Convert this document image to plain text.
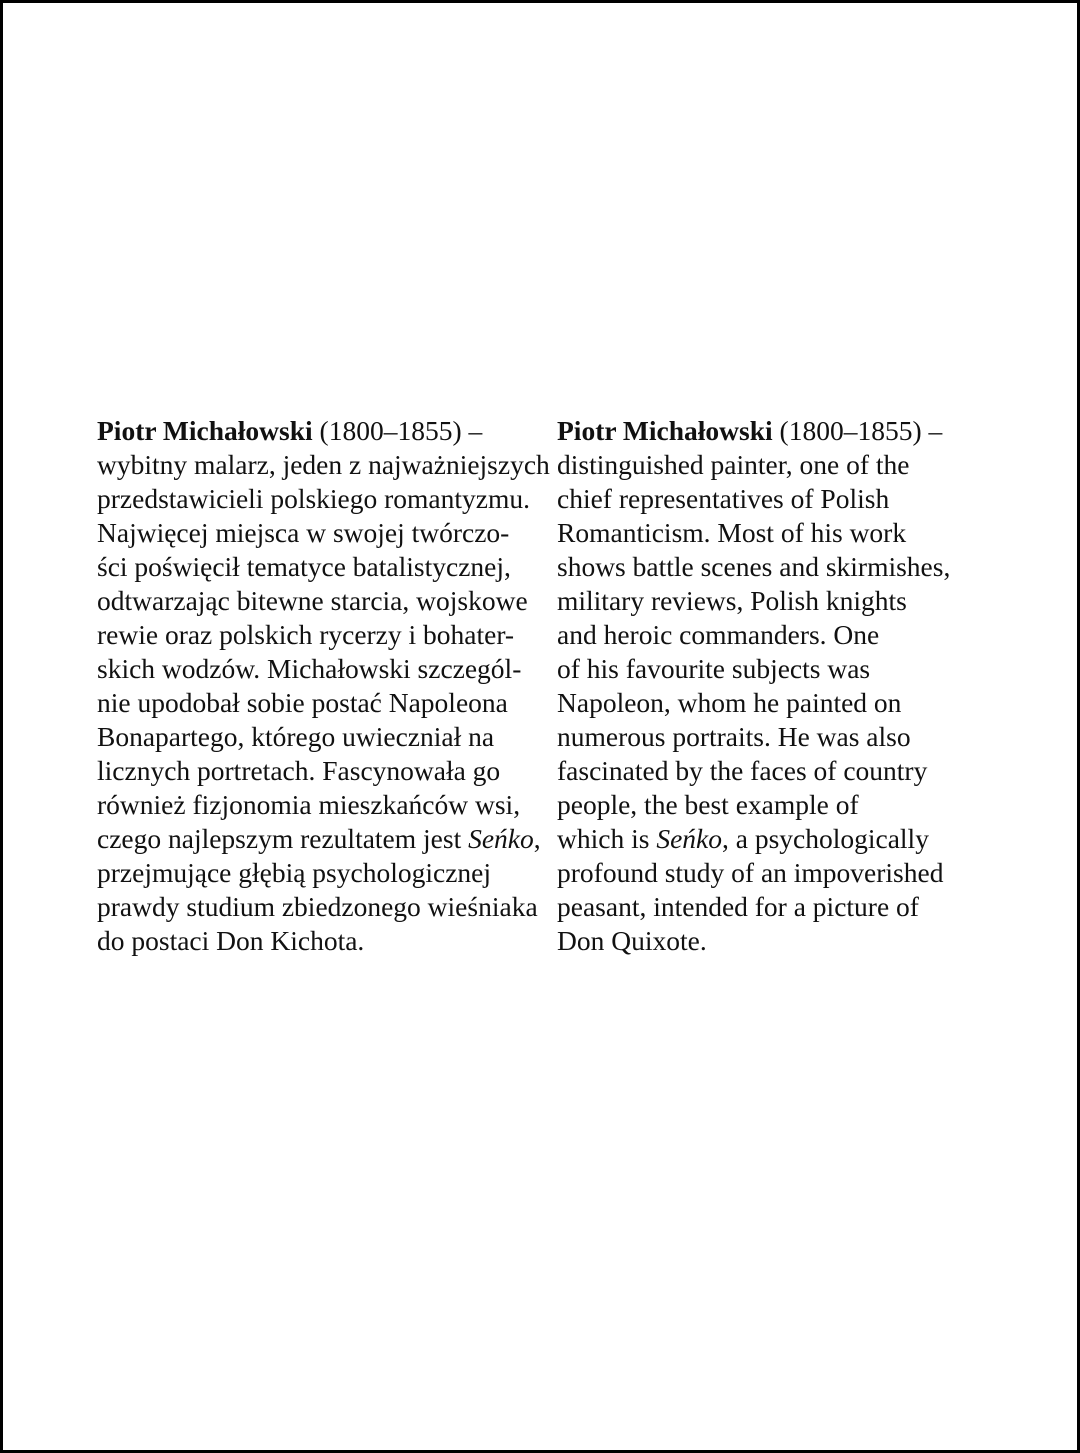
Piotr Michałowski (1800–1855) –
wybitny malarz, jeden z najważniejszych
przedstawicieli polskiego romantyzmu.
Najwięcej miejsca w swojej twórczo-
ści poświęcił tematyce batalistycznej,
odtwarzając bitewne starcia, wojskowe
rewie oraz polskich rycerzy i bohater-
skich wodzów. Michałowski szczegól-
nie upodobał sobie postać Napoleona
Bonapartego, którego uwieczniał na
licznych portretach. Fascynowała go
również fizjonomia mieszkańców wsi,
czego najlepszym rezultatem jest Seńko,
przejmujące głębią psychologicznej
prawdy studium zbiedzonego wieśniaka
do postaci Don Kichota.
Piotr Michałowski (1800–1855) –
distinguished painter, one of the
chief representatives of Polish
Romanticism. Most of his work
shows battle scenes and skirmishes,
military reviews, Polish knights
and heroic commanders. One
of his favourite subjects was
Napoleon, whom he painted on
numerous portraits. He was also
fascinated by the faces of country
people, the best example of
which is Seńko, a psychologically
profound study of an impoverished
peasant, intended for a picture of
Don Quixote.
